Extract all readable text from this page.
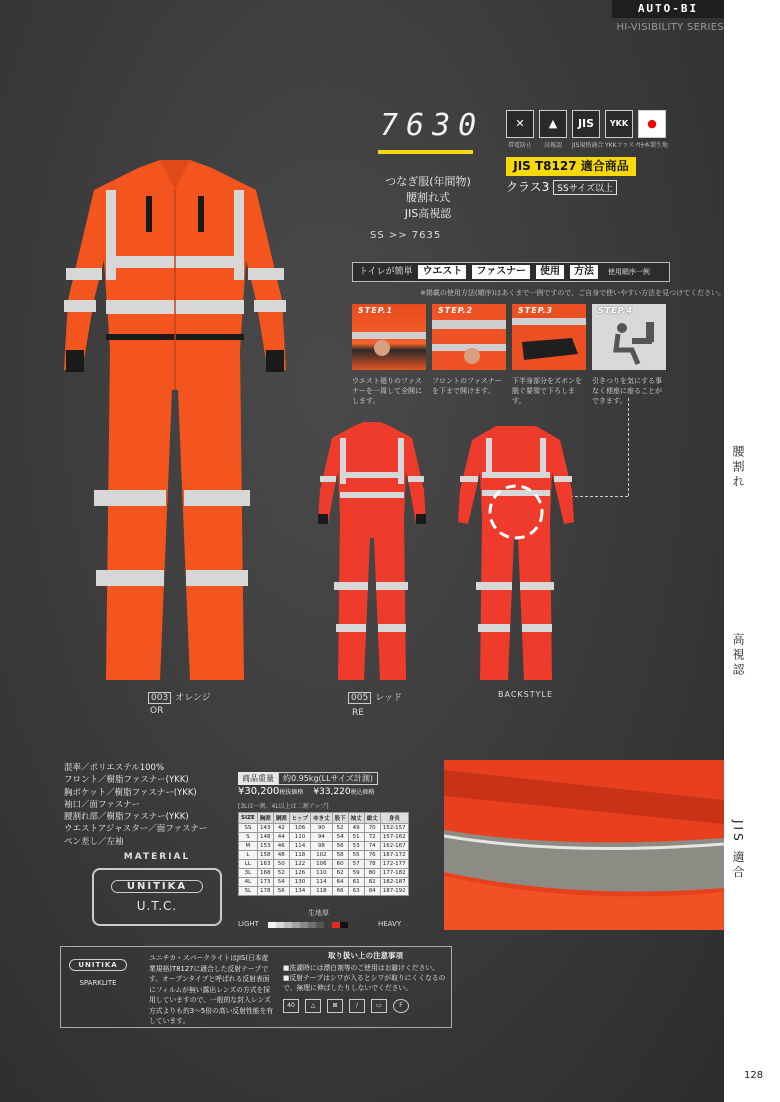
AUTO-BI
HI-VISIBILITY SERIES
腰割れ
高視認
JIS 適合
128
7630
つなぎ服(年間物)
腰割れ式
JIS高視認
SS >> 7635
✕
帯電防止
▲
高視認
JIS
JIS規格適合
YKK
YKKファスナー
●
日本製生地
JIS T8127 適合商品
クラス3 SSサイズ以上
トイレが簡単 ウエスト ファスナー 使用 方法 使用順序一例
※掲載の使用方法(順序)はあくまで一例ですので、ご自身で使いやすい方法を見つけてください。
STEP.1
ウエスト廻りのファスナーを一周して全開にします。
STEP.2
フロントのファスナーを下まで開けます。
STEP.3
下半身部分をズボンを脱ぐ要領で下ろします。
STEP.4
引きつりを気にする事なく便座に座ることができます。
003 オレンジ
OR
005 レッド
RE
BACKSTYLE
混率／ポリエステル100%
フロント／樹脂ファスナー(YKK)
胸ポケット／樹脂ファスナー(YKK)
袖口／面ファスナー
腰割れ部／樹脂ファスナー(YKK)
ウエストアジャスター／面ファスナー
ペン差し／左袖
MATERIAL
UNITIKA
U.T.C.
商品重量 約0.95kg(LLサイズ計測)
¥30,200税抜価格 ¥33,220税込価格
[3Lは一割、4L以上は二割アップ]
SIZE	胸囲	胴囲	ヒップ	ゆき丈	股下	袖丈	総丈	身長
SS	143	42	106	90	52	49	70	152-157
S	148	44	110	94	54	51	72	157-162
M	153	46	114	98	56	53	74	162-167
L	158	48	118	102	58	55	76	167-172
LL	163	50	122	106	60	57	78	172-177
3L	168	52	126	110	62	59	80	177-182
4L	173	54	130	114	64	61	82	182-187
5L	178	56	134	118	66	63	84	187-192
生地厚
LIGHT	HEAVY
UNITIKA
SPARKLITE
ユニチカ・スパークライトはJIS(日本産業規格)T8127に適合した反射テープです。オープンタイプと呼ばれる反射表面にフィルムが無い露出レンズの方式を採用していますので、一般的な封入レンズ方式よりも約3〜5倍の高い反射性能を有しています。
取り扱い上の注意事項
■洗濯時には漂白剤等のご使用はお避けください。
■反射テープはシワが入るとシワが取りにくくなるので、無理に伸ばしたりしないでください。
40	△	⊠	∕	▭	F
